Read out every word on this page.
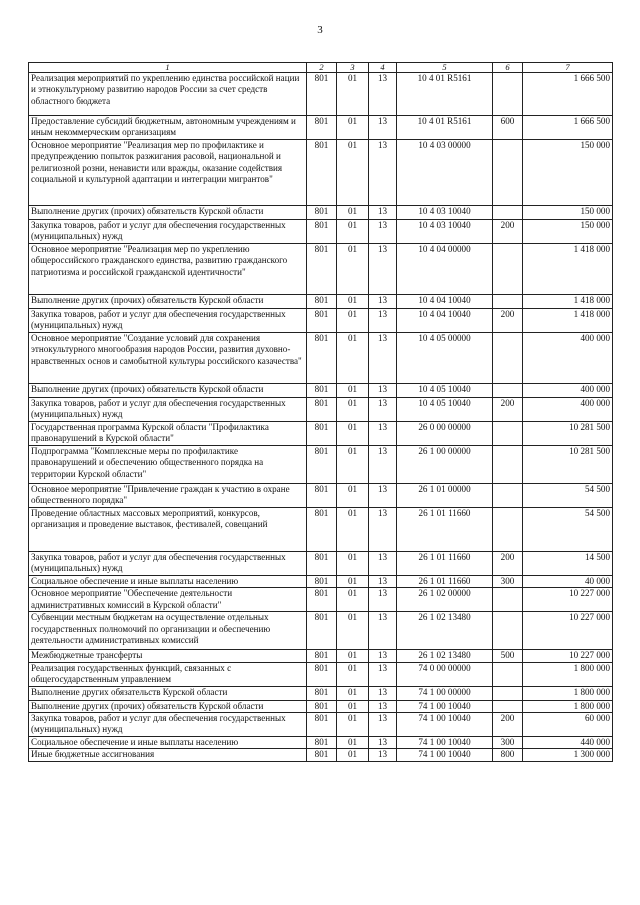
3
1	2	3	4	5	6	7
Реализация мероприятий по укреплению единства российской нации и этнокультурному развитию народов России за счет средств областного бюджета	801	01	13	10 4 01 R5161		1 666 500
Предоставление субсидий бюджетным, автономным учреждениям и иным некоммерческим организациям	801	01	13	10 4 01 R5161	600	1 666 500
Основное мероприятие "Реализация мер по профилактике и предупреждению попыток разжигания расовой, национальной и религиозной розни, ненависти или вражды, оказание содействия социальной и культурной адаптации и интеграции мигрантов"	801	01	13	10 4 03 00000		150 000
Выполнение других (прочих) обязательств Курской области	801	01	13	10 4 03 10040		150 000
Закупка товаров, работ и услуг для обеспечения государственных (муниципальных) нужд	801	01	13	10 4 03 10040	200	150 000
Основное мероприятие "Реализация мер по укреплению общероссийского гражданского единства, развитию гражданского патриотизма и российской гражданской идентичности"	801	01	13	10 4 04 00000		1 418 000
Выполнение других (прочих) обязательств Курской области	801	01	13	10 4 04 10040		1 418 000
Закупка товаров, работ и услуг для обеспечения государственных (муниципальных) нужд	801	01	13	10 4 04 10040	200	1 418 000
Основное мероприятие "Создание условий для сохранения этнокультурного многообразия народов России, развития духовно-нравственных основ и самобытной культуры российского казачества"	801	01	13	10 4 05 00000		400 000
Выполнение других (прочих) обязательств Курской области	801	01	13	10 4 05 10040		400 000
Закупка товаров, работ и услуг для обеспечения государственных (муниципальных) нужд	801	01	13	10 4 05 10040	200	400 000
Государственная программа Курской области "Профилактика правонарушений в Курской области"	801	01	13	26 0 00 00000		10 281 500
Подпрограмма "Комплексные меры по профилактике правонарушений и обеспечению общественного порядка на территории Курской области"	801	01	13	26 1 00 00000		10 281 500
Основное мероприятие "Привлечение граждан к участию в охране общественного порядка"	801	01	13	26 1 01 00000		54 500
Проведение областных массовых мероприятий, конкурсов, организация и проведение выставок, фестивалей, совещаний	801	01	13	26 1 01 11660		54 500
Закупка товаров, работ и услуг для обеспечения государственных (муниципальных) нужд	801	01	13	26 1 01 11660	200	14 500
Социальное обеспечение и иные выплаты населению	801	01	13	26 1 01 11660	300	40 000
Основное мероприятие "Обеспечение деятельности административных комиссий в Курской области"	801	01	13	26 1 02 00000		10 227 000
Субвенции местным бюджетам на осуществление отдельных государственных полномочий по организации и обеспечению деятельности административных комиссий	801	01	13	26 1 02 13480		10 227 000
Межбюджетные трансферты	801	01	13	26 1 02 13480	500	10 227 000
Реализация государственных функций, связанных с общегосударственным управлением	801	01	13	74 0 00 00000		1 800 000
Выполнение других обязательств Курской области	801	01	13	74 1 00 00000		1 800 000
Выполнение других (прочих) обязательств Курской области	801	01	13	74 1 00 10040		1 800 000
Закупка товаров, работ и услуг для обеспечения государственных (муниципальных) нужд	801	01	13	74 1 00 10040	200	60 000
Социальное обеспечение и иные выплаты населению	801	01	13	74 1 00 10040	300	440 000
Иные бюджетные ассигнования	801	01	13	74 1 00 10040	800	1 300 000
